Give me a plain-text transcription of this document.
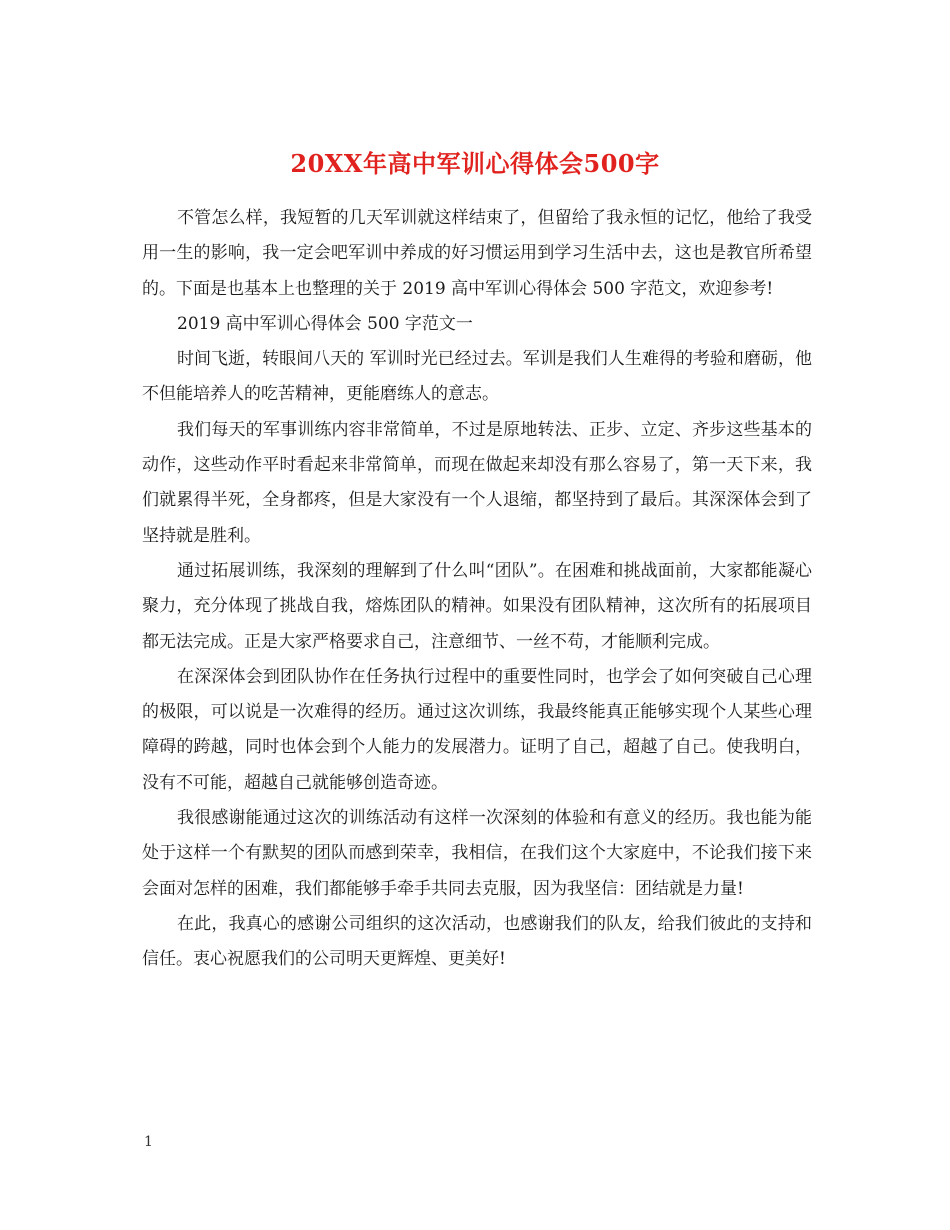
20XX年高中军训心得体会500字

不管怎么样，我短暂的几天军训就这样结束了，但留给了我永恒的记忆，他给了我受用一生的影响，我一定会吧军训中养成的好习惯运用到学习生活中去，这也是教官所希望的。下面是也基本上也整理的关于 2019 高中军训心得体会 500 字范文，欢迎参考!

2019 高中军训心得体会 500 字范文一

时间飞逝，转眼间八天的 军训时光已经过去。军训是我们人生难得的考验和磨砺，他不但能培养人的吃苦精神，更能磨练人的意志。

我们每天的军事训练内容非常简单，不过是原地转法、正步、立定、齐步这些基本的动作，这些动作平时看起来非常简单，而现在做起来却没有那么容易了，第一天下来，我们就累得半死，全身都疼，但是大家没有一个人退缩，都坚持到了最后。其深深体会到了坚持就是胜利。

通过拓展训练，我深刻的理解到了什么叫“团队”。在困难和挑战面前，大家都能凝心聚力，充分体现了挑战自我，熔炼团队的精神。如果没有团队精神，这次所有的拓展项目都无法完成。正是大家严格要求自己，注意细节、一丝不苟，才能顺利完成。

在深深体会到团队协作在任务执行过程中的重要性同时，也学会了如何突破自己心理的极限，可以说是一次难得的经历。通过这次训练，我最终能真正能够实现个人某些心理障碍的跨越，同时也体会到个人能力的发展潜力。证明了自己，超越了自己。使我明白，没有不可能，超越自己就能够创造奇迹。

我很感谢能通过这次的训练活动有这样一次深刻的体验和有意义的经历。我也能为能处于这样一个有默契的团队而感到荣幸，我相信，在我们这个大家庭中，不论我们接下来会面对怎样的困难，我们都能够手牵手共同去克服，因为我坚信：团结就是力量!

在此，我真心的感谢公司组织的这次活动，也感谢我们的队友，给我们彼此的支持和信任。衷心祝愿我们的公司明天更辉煌、更美好!

1
